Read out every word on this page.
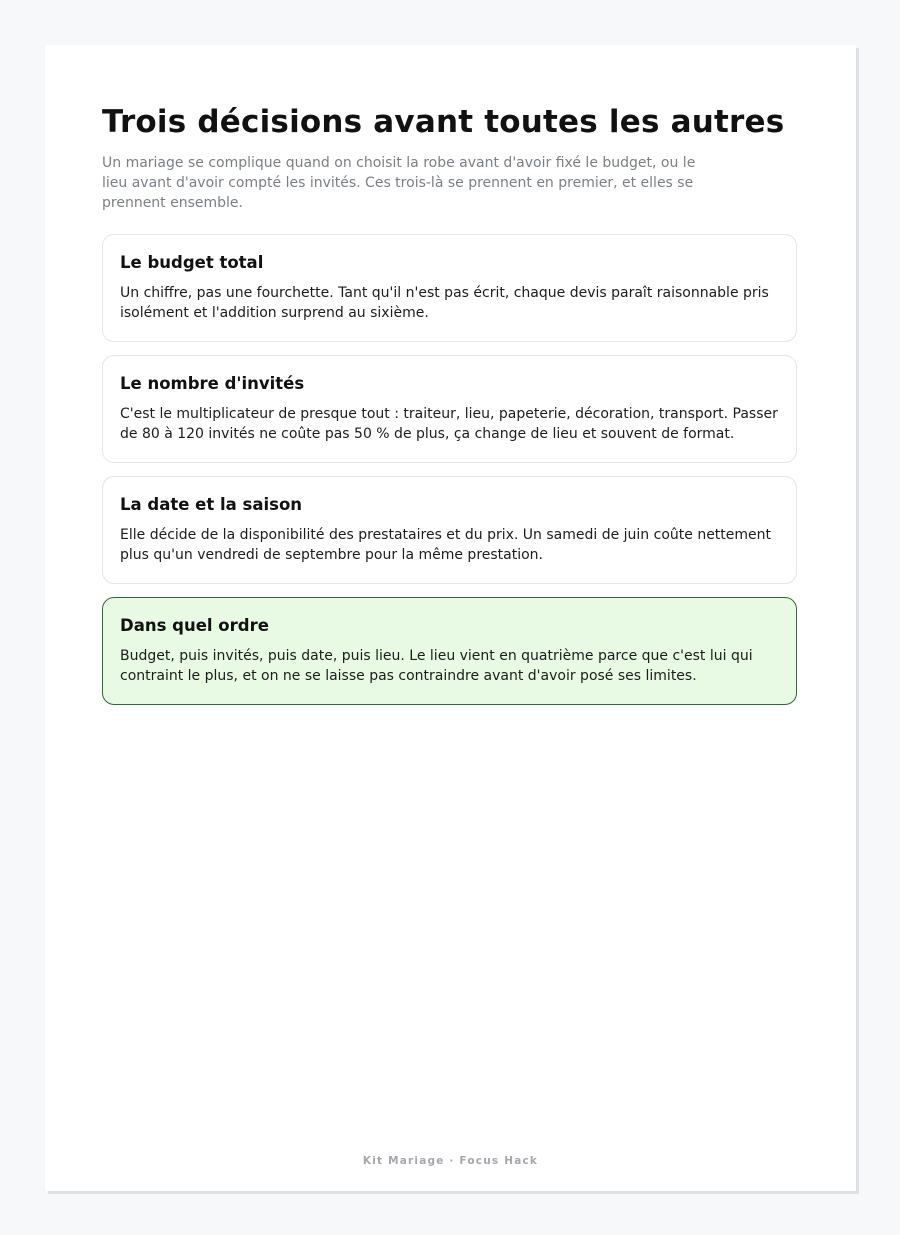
Trois décisions avant toutes les autres

Un mariage se complique quand on choisit la robe avant d'avoir fixé le budget, ou le lieu avant d'avoir compté les invités. Ces trois-là se prennent en premier, et elles se prennent ensemble.

Le budget total

Un chiffre, pas une fourchette. Tant qu'il n'est pas écrit, chaque devis paraît raisonnable pris isolément et l'addition surprend au sixième.

Le nombre d'invités

C'est le multiplicateur de presque tout : traiteur, lieu, papeterie, décoration, transport. Passer de 80 à 120 invités ne coûte pas 50 % de plus, ça change de lieu et souvent de format.

La date et la saison

Elle décide de la disponibilité des prestataires et du prix. Un samedi de juin coûte nettement plus qu'un vendredi de septembre pour la même prestation.

Dans quel ordre

Budget, puis invités, puis date, puis lieu. Le lieu vient en quatrième parce que c'est lui qui contraint le plus, et on ne se laisse pas contraindre avant d'avoir posé ses limites.

Kit Mariage · Focus Hack
